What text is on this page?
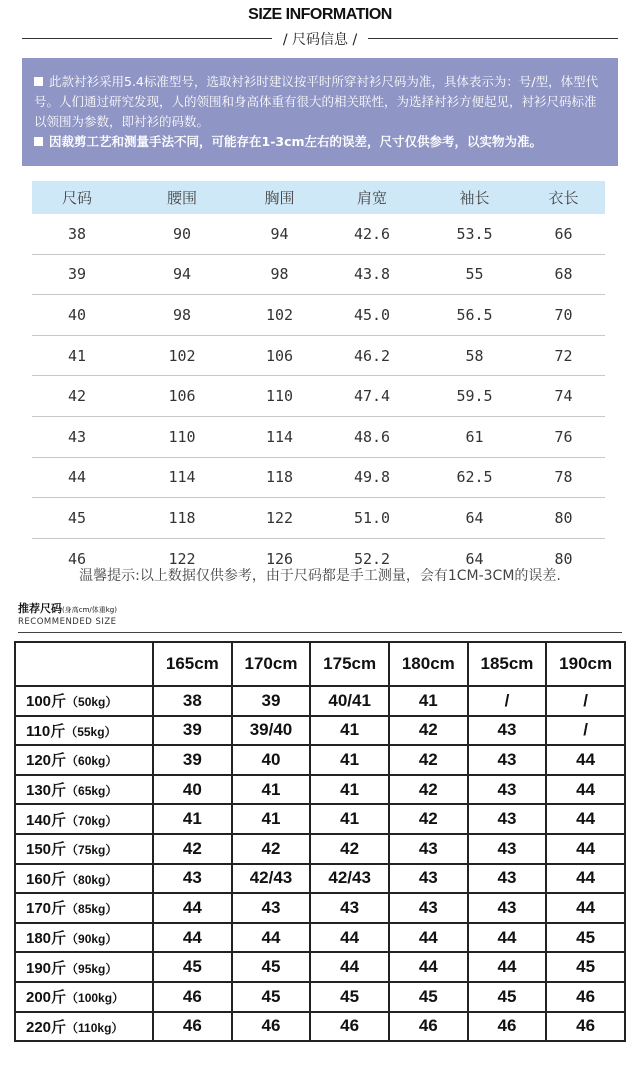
SIZE INFORMATION
/ 尺码信息 /

此款衬衫采用5.4标准型号，选取衬衫时建议按平时所穿衬衫尺码为准，具体表示为：号/型，体型代号。人们通过研究发现，人的领围和身高体重有很大的相关联性，为选择衬衫方便起见，衬衫尺码标准以领围为参数，即衬衫的码数。

因裁剪工艺和测量手法不同，可能存在1-3cm左右的误差，尺寸仅供参考，以实物为准。

尺码	腰围	胸围	肩宽	袖长	衣长
38	90	94	42.6	53.5	66
39	94	98	43.8	55	68
40	98	102	45.0	56.5	70
41	102	106	46.2	58	72
42	106	110	47.4	59.5	74
43	110	114	48.6	61	76
44	114	118	49.8	62.5	78
45	118	122	51.0	64	80
46	122	126	52.2	64	80
温馨提示:以上数据仅供参考，由于尺码都是手工测量，会有1CM-3CM的误差.
推荐尺码(身高cm/体重kg)
RECOMMENDED SIZE
	165cm	170cm	175cm	180cm	185cm	190cm
100斤（50kg）	38	39	40/41	41	/	/
110斤（55kg）	39	39/40	41	42	43	/
120斤（60kg）	39	40	41	42	43	44
130斤（65kg）	40	41	41	42	43	44
140斤（70kg）	41	41	41	42	43	44
150斤（75kg）	42	42	42	43	43	44
160斤（80kg）	43	42/43	42/43	43	43	44
170斤（85kg）	44	43	43	43	43	44
180斤（90kg）	44	44	44	44	44	45
190斤（95kg）	45	45	44	44	44	45
200斤（100kg）	46	45	45	45	45	46
220斤（110kg）	46	46	46	46	46	46
